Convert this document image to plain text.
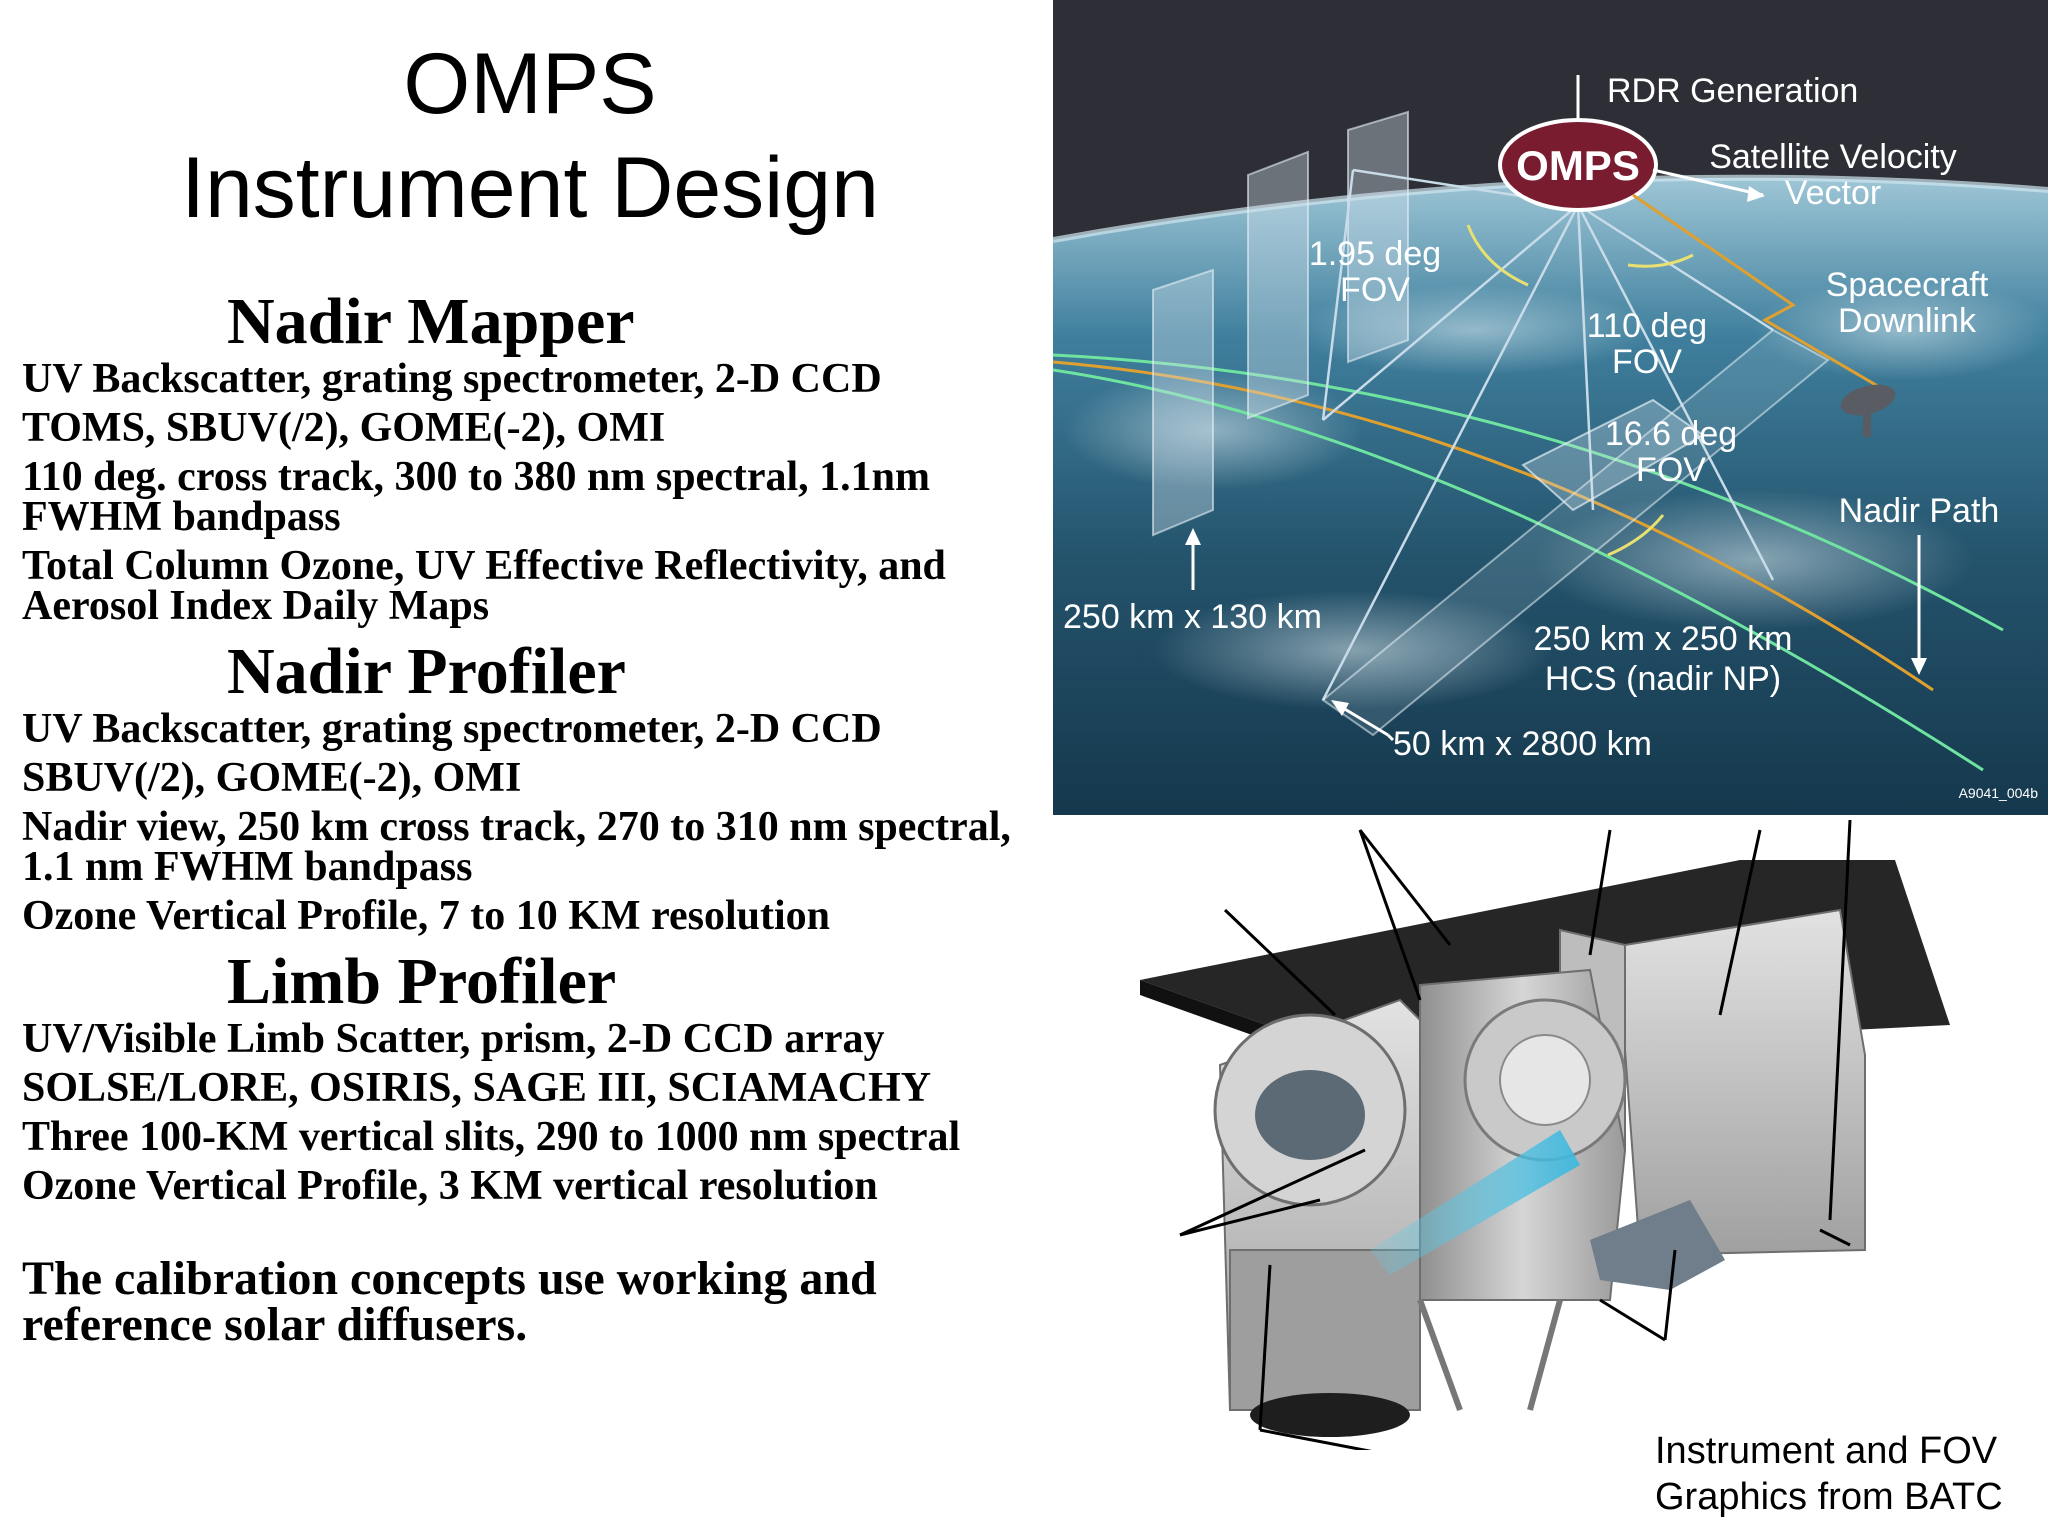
OMPS
Instrument Design
Nadir Mapper

UV Backscatter, grating spectrometer, 2-D CCD

TOMS, SBUV(/2), GOME(-2), OMI

110 deg. cross track, 300 to 380 nm spectral, 1.1nm FWHM bandpass

Total Column Ozone, UV Effective Reflectivity, and Aerosol Index Daily Maps

Nadir Profiler

UV Backscatter, grating spectrometer, 2-D CCD

SBUV(/2), GOME(-2), OMI

Nadir view, 250 km cross track, 270 to 310 nm spectral, 1.1 nm FWHM bandpass

Ozone Vertical Profile, 7 to 10 KM resolution

Limb Profiler

UV/Visible Limb Scatter, prism, 2-D CCD array

SOLSE/LORE, OSIRIS, SAGE III, SCIAMACHY

Three 100-KM vertical slits, 290 to 1000 nm spectral

Ozone Vertical Profile, 3 KM vertical resolution

The calibration concepts use working and reference solar diffusers.
OMPS
RDR Generation
Satellite Velocity
Vector
Spacecraft
Downlink
1.95 deg
FOV
110 deg
FOV
16.6 deg
FOV
Nadir Path
250 km x 130 km
250 km x 250 km
HCS (nadir NP)
50 km x 2800 km
A9041_004b
Instrument and FOV
Graphics from BATC
